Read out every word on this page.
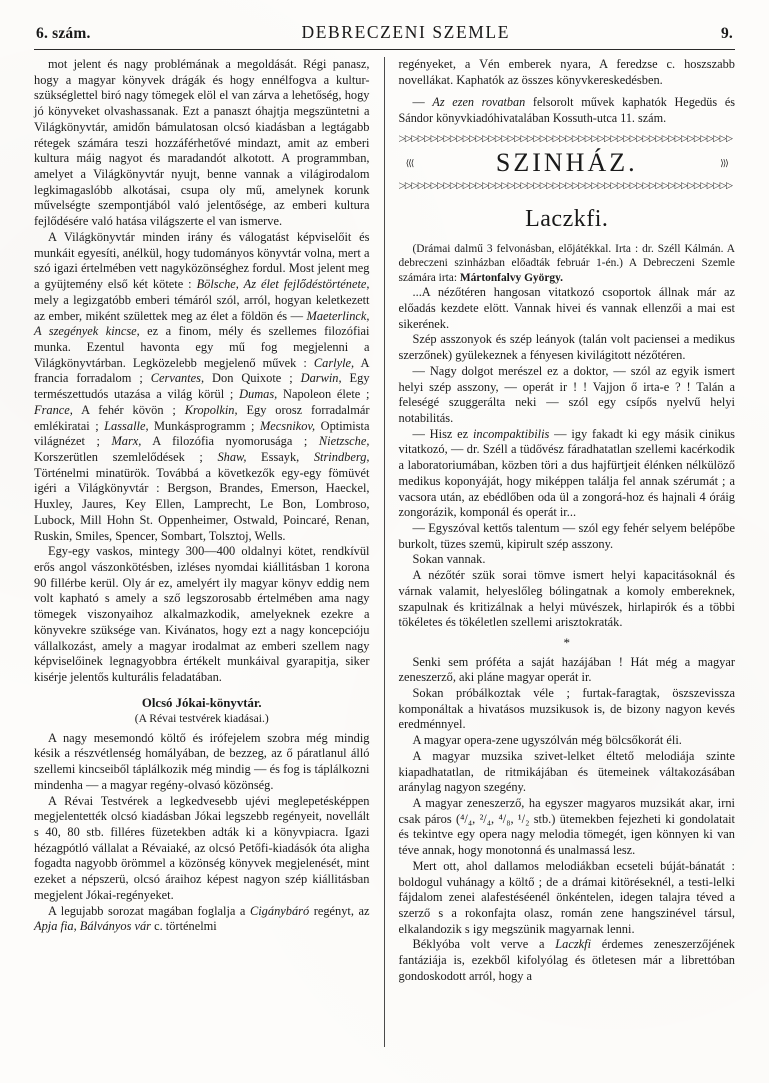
6. szám.	DEBRECZENI SZEMLE	9.

mot jelent és nagy problémának a megoldását. Régi panasz, hogy a magyar könyvek drágák és hogy ennélfogva a kultur-szükséglettel biró nagy tömegek elöl el van zárva a lehetőség, hogy jó könyveket olvashassanak. Ezt a panaszt óhajtja megszüntetni a Világkönyvtár, amidőn bámulatosan olcsó kiadásban a legtágabb rétegek számára teszi hozzáférhetővé mindazt, amit az emberi kultura máig nagyot és maradandót alkotott. A programmban, amelyet a Világkönyvtár nyujt, benne vannak a világirodalom legkimagaslóbb alkotásai, csupa oly mű, amelynek korunk művelségte szempontjából való jelentősége, az emberi kultura fejlődésére való hatása világszerte el van ismerve.

A Világkönyvtár minden irány és válogatást képviselőit és munkáit egyesíti, anélkül, hogy tudományos könyvtár volna, mert a szó igazi értelmében vett nagyközönséghez fordul. Most jelent meg a gyüjtemény első két kötete : Bölsche, Az élet fejlődéstörténete, mely a legizgatóbb emberi témáról szól, arról, hogyan keletkezett az ember, miként születtek meg az élet a földön és — Maeterlinck, A szegények kincse, ez a finom, mély és szellemes filozófiai munka. Ezentul havonta egy mű fog megjelenni a Világkönyvtárban. Legközelebb megjelenő művek : Carlyle, A francia forradalom ; Cervantes, Don Quixote ; Darwin, Egy természettudós utazása a világ körül ; Dumas, Napoleon élete ; France, A fehér kövön ; Kropolkin, Egy orosz forradalmár emlékiratai ; Lassalle, Munkásprogramm ; Mecsnikov, Optimista világnézet ; Marx, A filozófia nyomorusága ; Nietzsche, Korszerütlen szemlelődések ; Shaw, Essayk, Strindberg, Történelmi minatürök. Továbbá a következők egy-egy fömüvét igéri a Világkönyvtár : Bergson, Brandes, Emerson, Haeckel, Huxley, Jaures, Key Ellen, Lamprecht, Le Bon, Lombroso, Lubock, Mill Hohn St. Oppenheimer, Ostwald, Poincaré, Renan, Ruskin, Smiles, Spencer, Sombart, Tolsztoj, Wells.

Egy-egy vaskos, mintegy 300—400 oldalnyi kötet, rendkívül erős angol vászonkötésben, izléses nyomdai kiállitásban 1 korona 90 fillérbe kerül. Oly ár ez, amelyért ily magyar könyv eddig nem volt kapható s amely a sző legszorosabb értelmében ama nagy tömegek viszonyaihoz alkalmazkodik, amelyeknek ezekre a könyvekre szüksége van. Kivánatos, hogy ezt a nagy koncepcióju vállalkozást, amely a magyar irodalmat az emberi szellem nagy képviselőinek legnagyobbra értékelt munkáival gyarapitja, siker kisérje jelentős kulturális feladatában.

Olcsó Jókai-könyvtár.
(A Révai testvérek kiadásai.)

A nagy mesemondó költő és irófejelem szobra még mindig késik a részvétlenség homályában, de bezzeg, az ő páratlanul álló szellemi kincseiből táplálkozik még mindig — és fog is táplálkozni mindenha — a magyar regény-olvasó közönség.

A Révai Testvérek a legkedvesebb ujévi meglepetésképpen megjelentették olcsó kiadásban Jókai legszebb regényeit, novellált s 40, 80 stb. filléres füzetekben adták ki a könyvpiacra. Igazi hézagpótló vállalat a Révaiaké, az olcsó Petőfi-kiadásók óta aligha fogadta nagyobb örömmel a közönség könyvek megjelenését, mint ezeket a népszerü, olcsó áraihoz képest nagyon szép kiállitásban megjelent Jókai-regényeket.

A legujabb sorozat magában foglalja a Cigánybáró regényt, az Apja fia, Bálványos vár c. történelmi

regényeket, a Vén emberek nyara, A feredzse c. hoszszabb novellákat. Kaphatók az összes könyvkereskedésben.

— Az ezen rovatban felsorolt művek kaphatók Hegedüs és Sándor könyvkiadóhivatalában Kossuth-utca 11. szám.

▷▷▷▷▷▷▷▷▷▷▷▷▷▷▷▷▷▷▷▷▷▷▷▷▷▷▷▷▷▷▷▷▷▷▷▷▷▷▷▷▷▷▷▷▷▷▷▷▷▷▷▷
⟨⟨⟨	SZINHÁZ.	⟩⟩⟩
▷▷▷▷▷▷▷▷▷▷▷▷▷▷▷▷▷▷▷▷▷▷▷▷▷▷▷▷▷▷▷▷▷▷▷▷▷▷▷▷▷▷▷▷▷▷▷▷▷▷▷▷
Laczkfi.

(Drámai dalmű 3 felvonásban, előjátékkal. Irta : dr. Széll Kálmán. A debreczeni szinházban előadták február 1-én.) A Debreczeni Szemle számára irta: Mártonfalvy György.

...A nézőtéren hangosan vitatkozó csoportok állnak már az előadás kezdete elött. Vannak hivei és vannak ellenzői a mai est sikerének.

Szép asszonyok és szép leányok (talán volt paciensei a medikus szerzőnek) gyülekeznek a fényesen kivilágitott nézőtéren.

— Nagy dolgot merészel ez a doktor, — szól az egyik ismert helyi szép asszony, — operát ir ! ! Vajjon ő irta-e ? ! Talán a feleségé szuggerálta neki — szól egy csípős nyelvű helyi notabilitás.

— Hisz ez incompaktibilis — igy fakadt ki egy másik cinikus vitatkozó, — dr. Széll a tüdővész fáradhatatlan szellemi kacérkodik a laboratoriumában, közben töri a dus hajfürtjeit élénken nélkülöző medikus koponyáját, hogy miképpen találja fel annak szérumát ; a vacsora után, az ebédlőben oda ül a zongorá-hoz és hajnali 4 óráig zongorázik, komponál és operát ir...

— Egyszóval kettős talentum — szól egy fehér selyem belépőbe burkolt, tüzes szemü, kipirult szép asszony.

Sokan vannak.

A nézőtér szük sorai tömve ismert helyi kapacitásoknál és várnak valamit, helyeslőleg bólingatnak a komoly embereknek, szapulnak és kritizálnak a helyi müvészek, hirlapirók és a többi tökéletes és tökéletlen szellemi arisztokraták.

*

Senki sem próféta a saját hazájában ! Hát még a magyar zeneszerző, aki pláne magyar operát ir.

Sokan próbálkoztak véle ; furtak-faragtak, öszszevissza komponáltak a hivatásos muzsikusok is, de bizony nagyon kevés eredménnyel.

A magyar opera-zene ugyszólván még bölcsőkorát éli.

A magyar muzsika szivet-lelket éltető melodiája szinte kiapadhatatlan, de ritmikájában és ütemeinek váltakozásában aránylag nagyon szegény.

A magyar zeneszerző, ha egyszer magyaros muzsikát akar, irni csak páros (⁴/₄, ²/₄, ⁴/₈, ¹/₂ stb.) ütemekben fejezheti ki gondolatait és tekintve egy opera nagy melodia tömegét, igen könnyen ki van téve annak, hogy monotonná és unalmassá lesz.

Mert ott, ahol dallamos melodiákban ecseteli búját-bánatát : boldogul vuhánagy a költő ; de a drámai kitöréseknél, a testi-lelki fájdalom zenei alafestéséenél önkéntelen, idegen talajra téved a szerző s a rokonfajta olasz, román zene hangszinével társul, elkalandozik s igy megszünik magyarnak lenni.

Béklyóba volt verve a Laczkfi érdemes zeneszerzőjének fantáziája is, ezekből kifolyólag és ötletesen már a librettóban gondoskodott arról, hogy a
